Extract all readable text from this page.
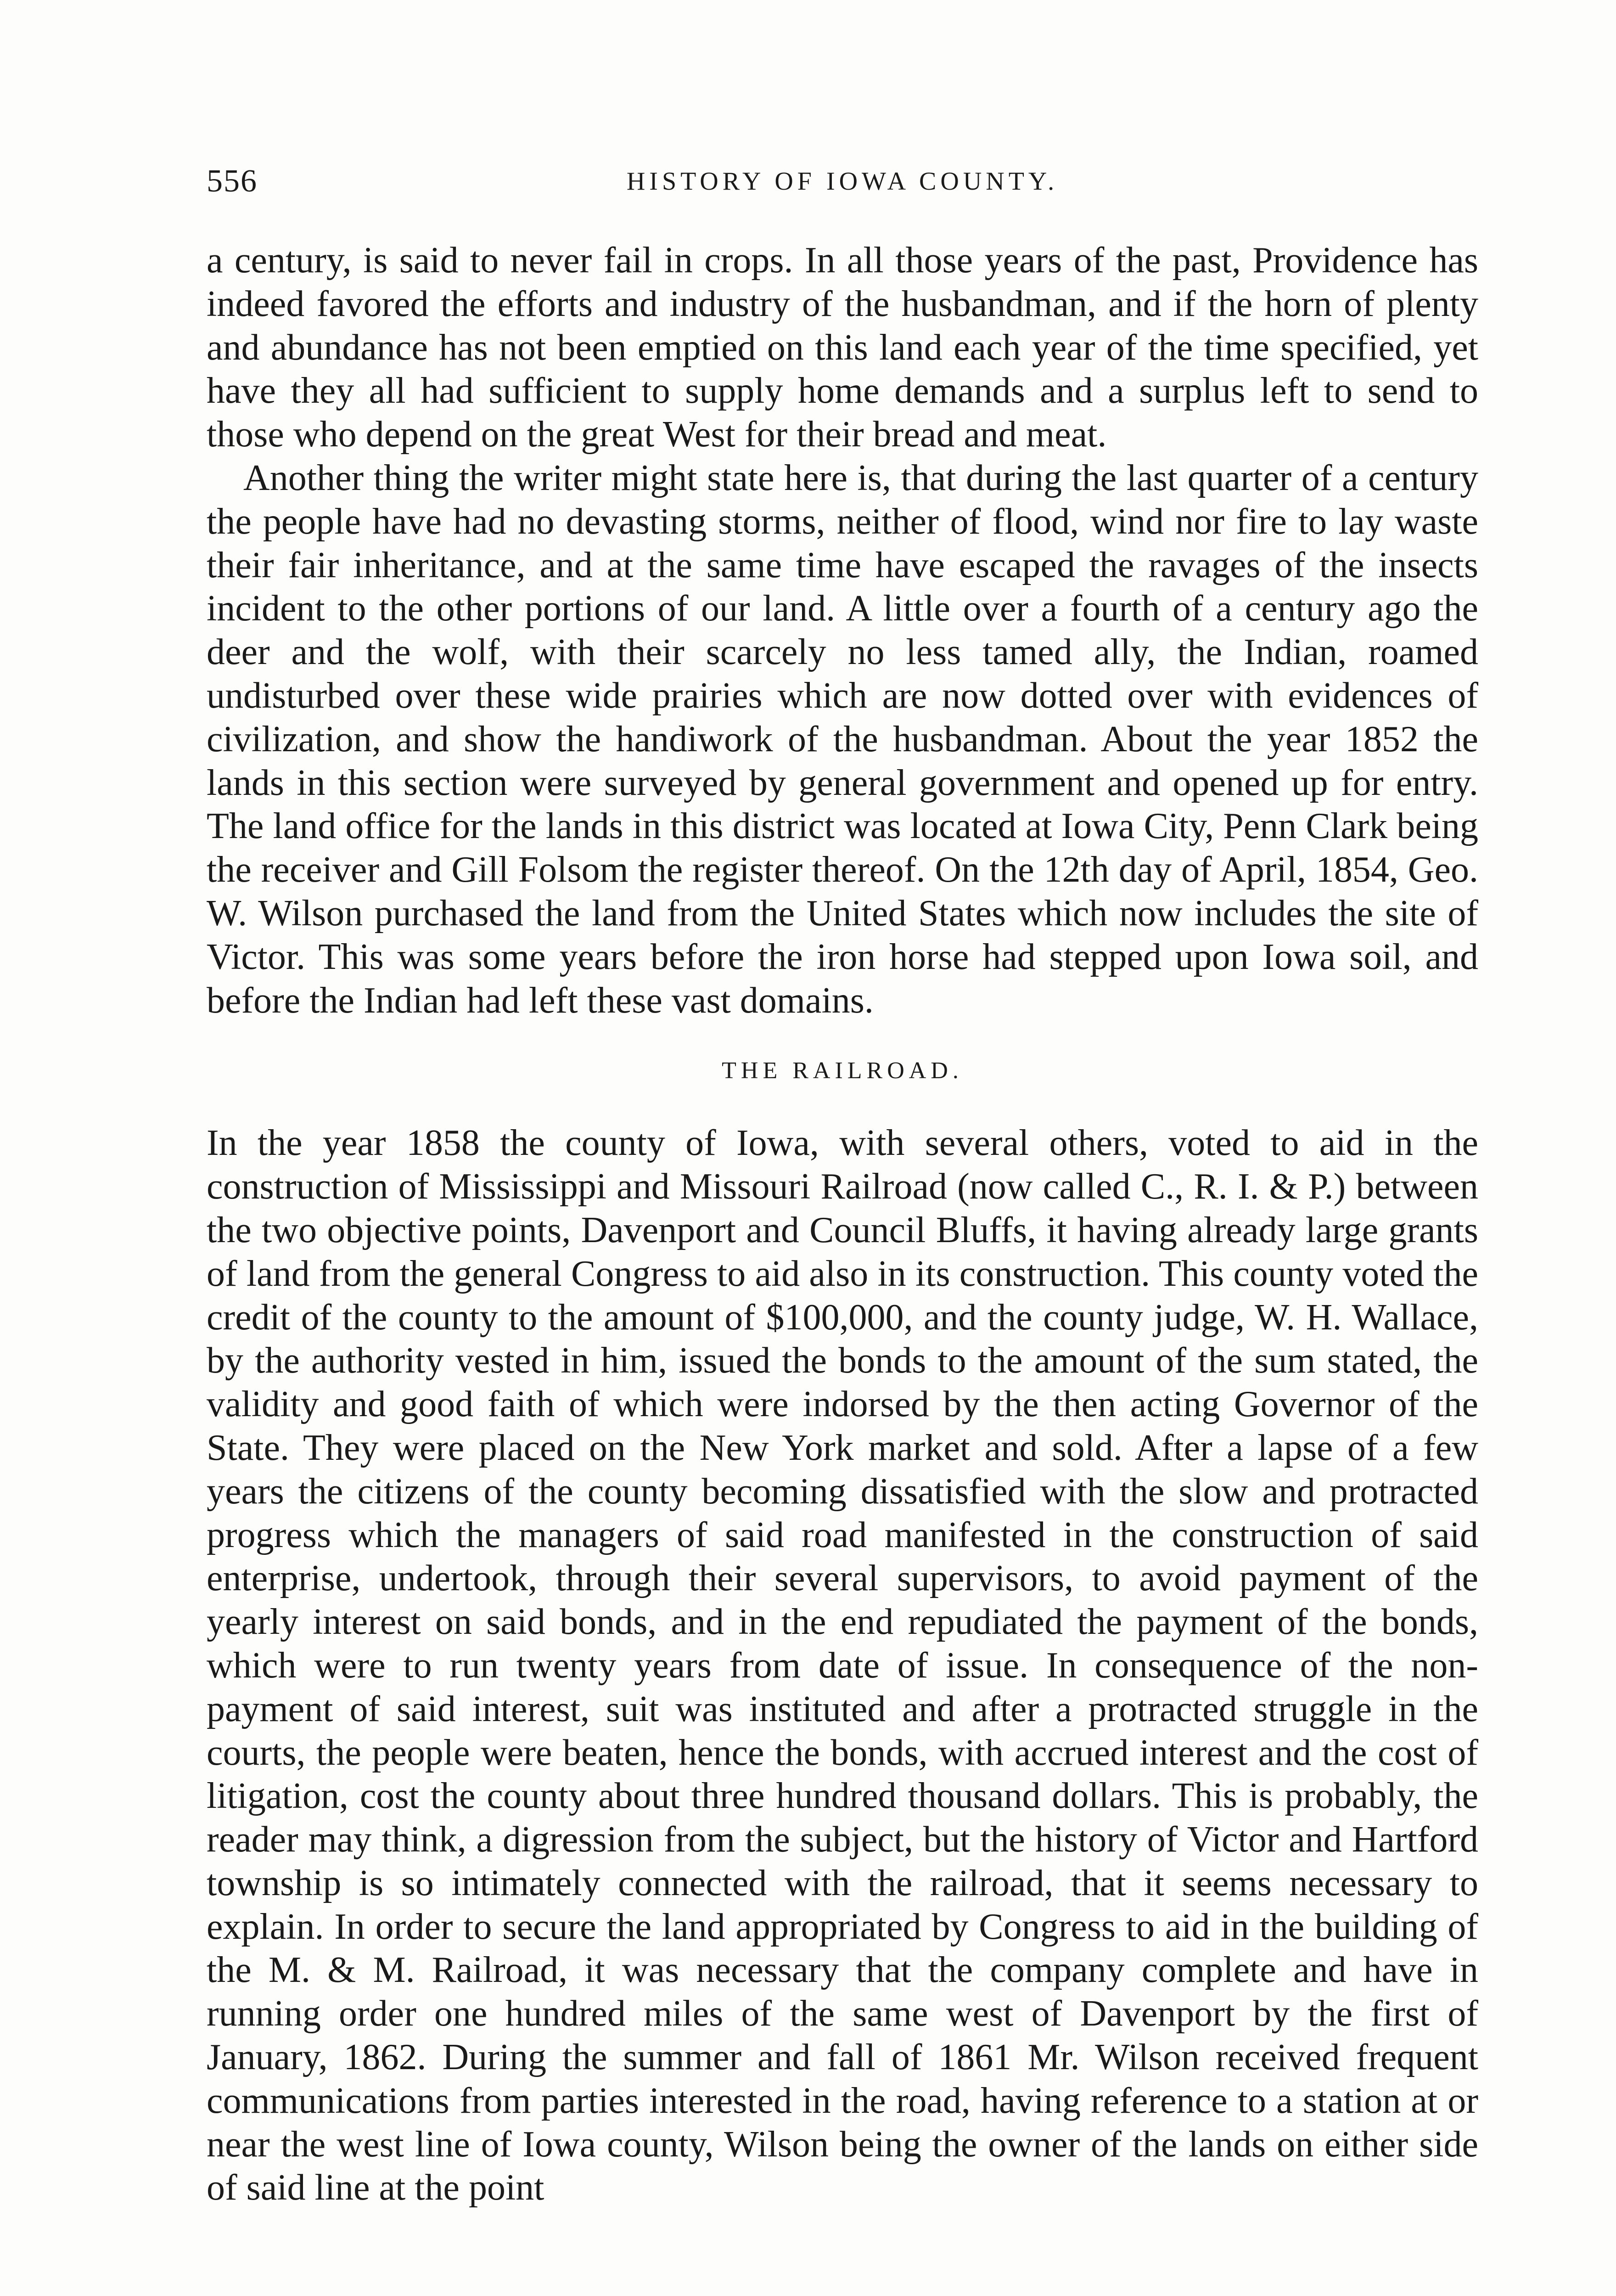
556	HISTORY OF IOWA COUNTY.

a century, is said to never fail in crops. In all those years of the past, Providence has indeed favored the efforts and industry of the husbandman, and if the horn of plenty and abundance has not been emptied on this land each year of the time specified, yet have they all had sufficient to supply home demands and a surplus left to send to those who depend on the great West for their bread and meat.

Another thing the writer might state here is, that during the last quarter of a century the people have had no devasting storms, neither of flood, wind nor fire to lay waste their fair inheritance, and at the same time have escaped the ravages of the insects incident to the other portions of our land. A little over a fourth of a century ago the deer and the wolf, with their scarcely no less tamed ally, the Indian, roamed undisturbed over these wide prairies which are now dotted over with evidences of civilization, and show the handiwork of the husbandman. About the year 1852 the lands in this section were surveyed by general government and opened up for entry. The land office for the lands in this district was located at Iowa City, Penn Clark being the receiver and Gill Folsom the register thereof. On the 12th day of April, 1854, Geo. W. Wilson purchased the land from the United States which now includes the site of Victor. This was some years before the iron horse had stepped upon Iowa soil, and before the Indian had left these vast domains.

THE RAILROAD.

In the year 1858 the county of Iowa, with several others, voted to aid in the construction of Mississippi and Missouri Railroad (now called C., R. I. & P.) between the two objective points, Davenport and Council Bluffs, it having already large grants of land from the general Congress to aid also in its construction. This county voted the credit of the county to the amount of $100,000, and the county judge, W. H. Wallace, by the authority vested in him, issued the bonds to the amount of the sum stated, the validity and good faith of which were indorsed by the then acting Governor of the State. They were placed on the New York market and sold. After a lapse of a few years the citizens of the county becoming dissatisfied with the slow and protracted progress which the managers of said road manifested in the construction of said enterprise, undertook, through their several supervisors, to avoid payment of the yearly interest on said bonds, and in the end repudiated the payment of the bonds, which were to run twenty years from date of issue. In consequence of the non-payment of said interest, suit was instituted and after a protracted struggle in the courts, the people were beaten, hence the bonds, with accrued interest and the cost of litigation, cost the county about three hundred thousand dollars. This is probably, the reader may think, a digression from the subject, but the history of Victor and Hartford township is so intimately connected with the railroad, that it seems necessary to explain. In order to secure the land appropriated by Congress to aid in the building of the M. & M. Railroad, it was necessary that the company complete and have in running order one hundred miles of the same west of Davenport by the first of January, 1862. During the summer and fall of 1861 Mr. Wilson received frequent communications from parties interested in the road, having reference to a station at or near the west line of Iowa county, Wilson being the owner of the lands on either side of said line at the point
